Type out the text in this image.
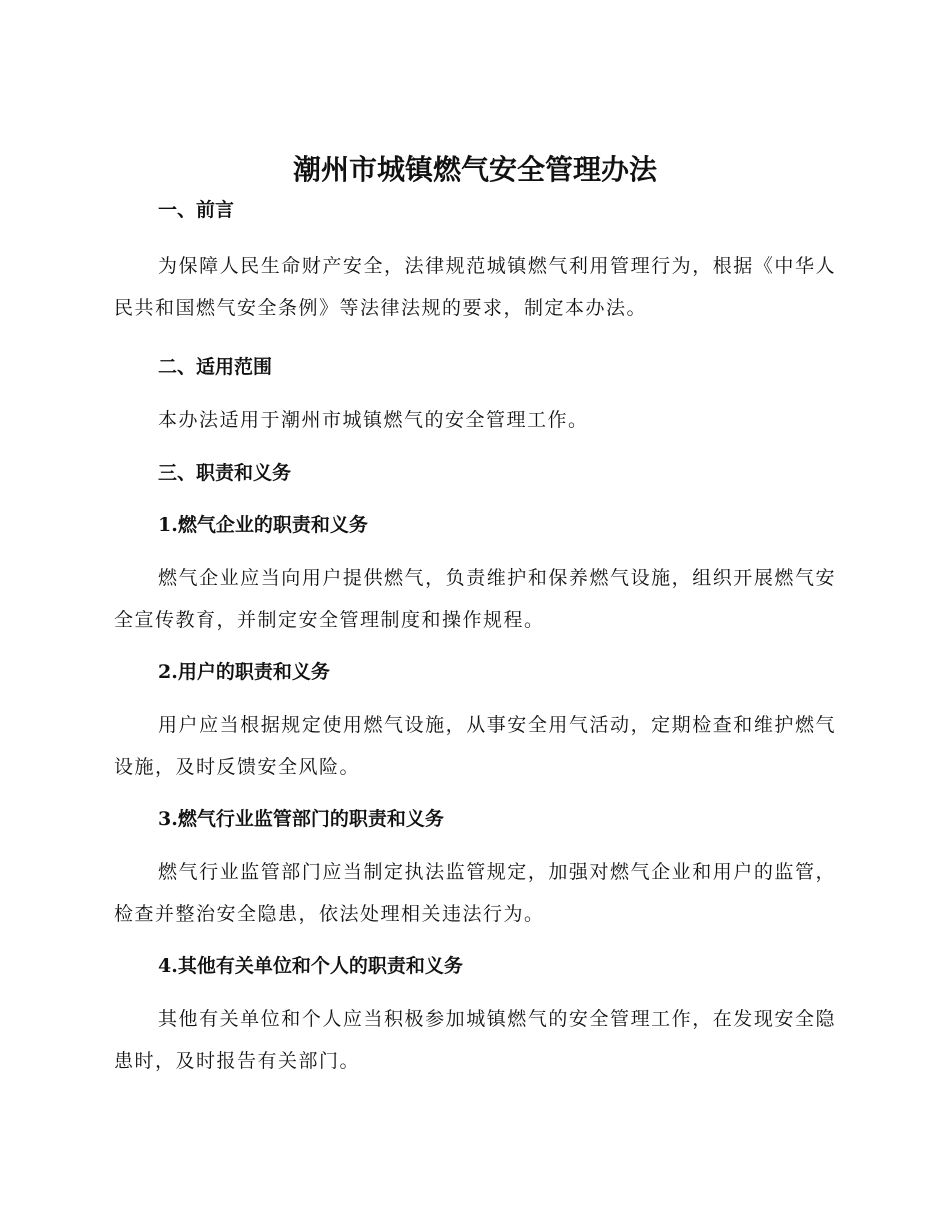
潮州市城镇燃气安全管理办法

一、前言

为保障人民生命财产安全，法律规范城镇燃气利用管理行为，根据《中华人民共和国燃气安全条例》等法律法规的要求，制定本办法。

二、适用范围

本办法适用于潮州市城镇燃气的安全管理工作。

三、职责和义务

1.燃气企业的职责和义务

燃气企业应当向用户提供燃气，负责维护和保养燃气设施，组织开展燃气安全宣传教育，并制定安全管理制度和操作规程。

2.用户的职责和义务

用户应当根据规定使用燃气设施，从事安全用气活动，定期检查和维护燃气设施，及时反馈安全风险。

3.燃气行业监管部门的职责和义务

燃气行业监管部门应当制定执法监管规定，加强对燃气企业和用户的监管，检查并整治安全隐患，依法处理相关违法行为。

4.其他有关单位和个人的职责和义务

其他有关单位和个人应当积极参加城镇燃气的安全管理工作，在发现安全隐患时，及时报告有关部门。
